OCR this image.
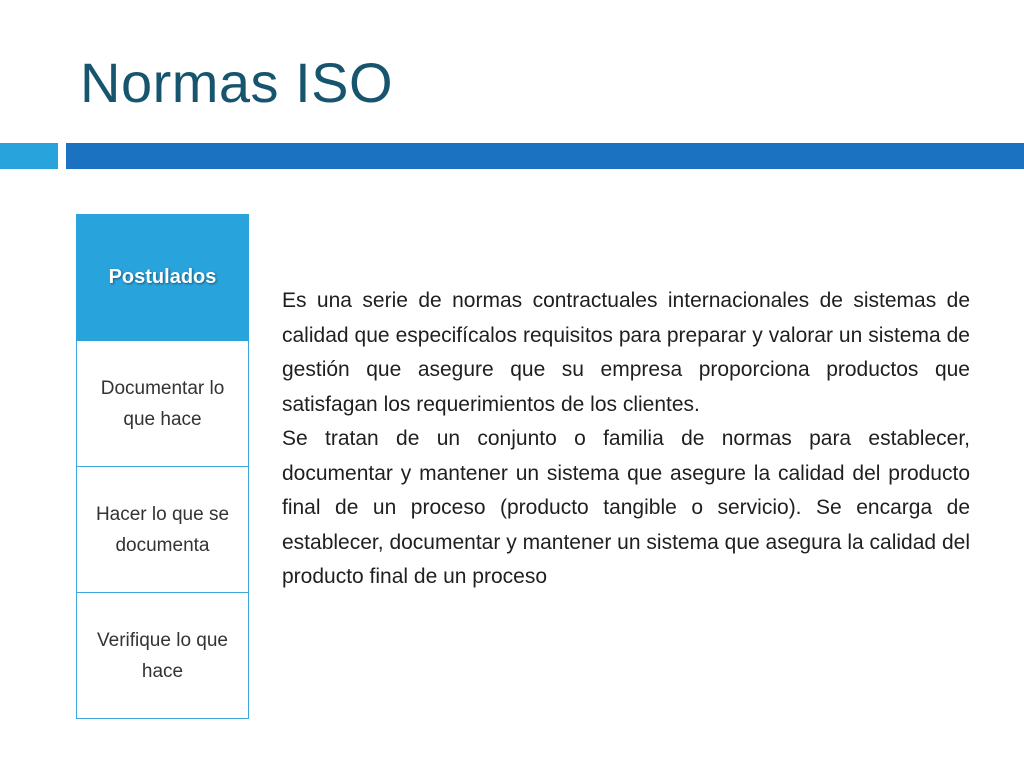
Normas ISO
Postulados
Documentar lo que hace
Hacer lo que se documenta
Verifique lo que hace

Es una serie de normas contractuales internacionales de sistemas de calidad que especifícalos requisitos para preparar y valorar un sistema de gestión que asegure que su empresa proporciona productos que satisfagan los requerimientos de los clientes.

Se tratan de un conjunto o familia de normas para establecer, documentar y mantener un sistema que asegure la calidad del producto final de un proceso (producto tangible o servicio). Se encarga de establecer, documentar y mantener un sistema que asegura la calidad del producto final de un proceso
